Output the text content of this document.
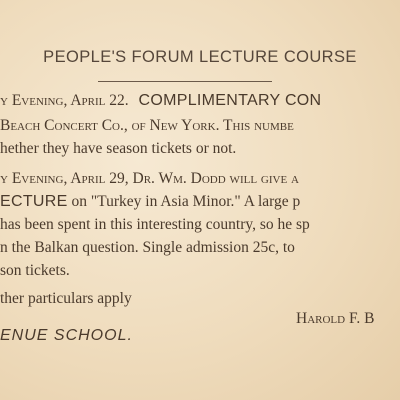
PEOPLE'S FORUM LECTURE COURSE
y Evening, April 22. COMPLIMENTARY CON
Beach Concert Co., of New York. This numbe
hether they have season tickets or not.
y Evening, April 29, Dr. Wm. Dodd will give a
ECTURE on "Turkey in Asia Minor." A large p
has been spent in this interesting country, so he sp
n the Balkan question. Single admission 25c, to
son tickets.
ther particulars apply
Harold F. B
ENUE SCHOOL.
